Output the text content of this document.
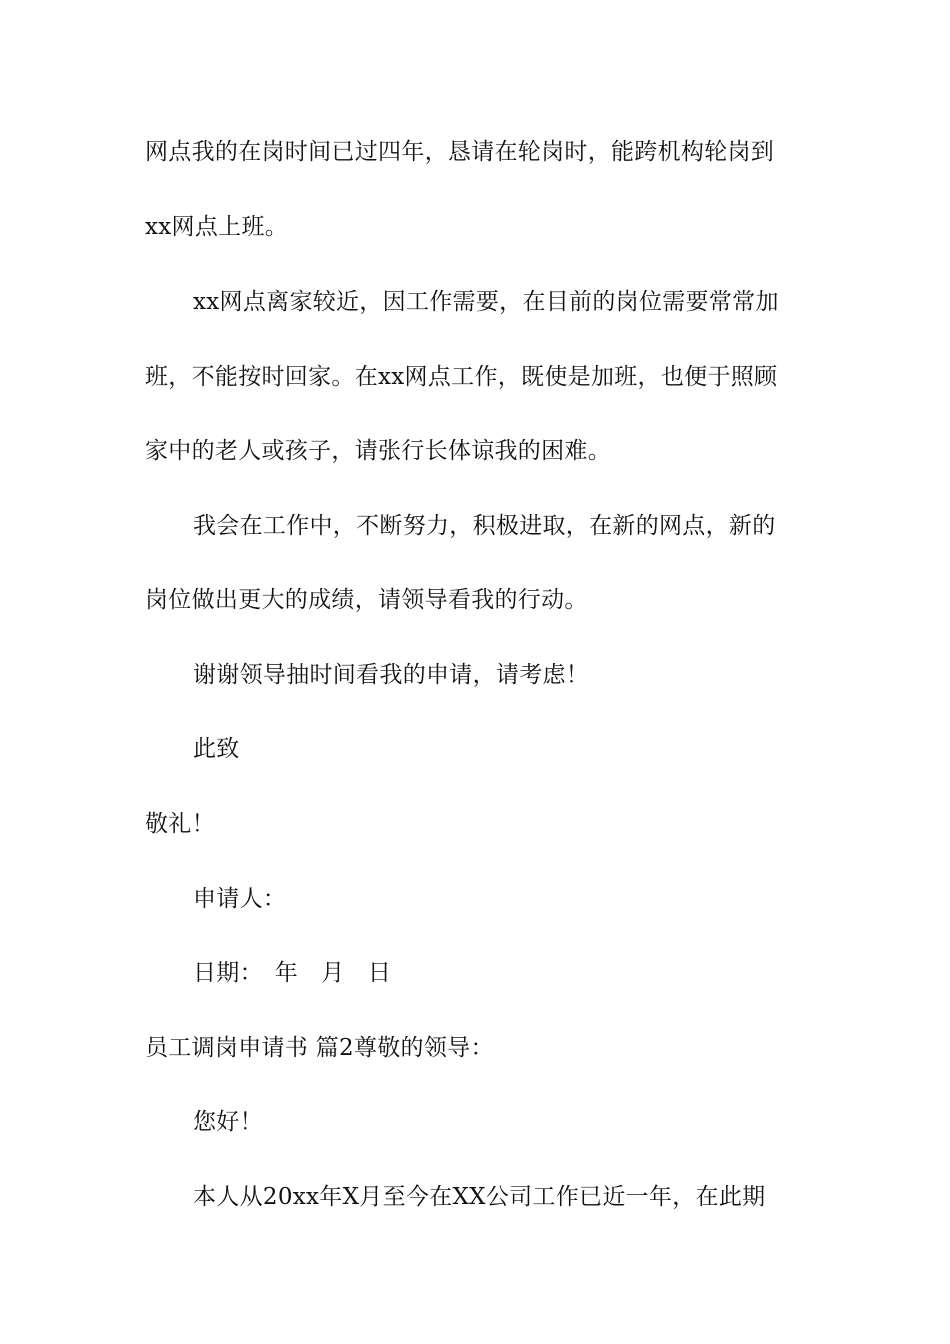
网点我的在岗时间已过四年，恳请在轮岗时，能跨机构轮岗到
xx网点上班。
xx网点离家较近，因工作需要，在目前的岗位需要常常加
班，不能按时回家。在xx网点工作，既使是加班，也便于照顾
家中的老人或孩子，请张行长体谅我的困难。
我会在工作中，不断努力，积极进取，在新的网点，新的
岗位做出更大的成绩，请领导看我的行动。
谢谢领导抽时间看我的申请，请考虑！
此致
敬礼！
申请人：
日期：　年　月　日
员工调岗申请书 篇2尊敬的领导：
您好！
本人从20xx年X月至今在XX公司工作已近一年，在此期
